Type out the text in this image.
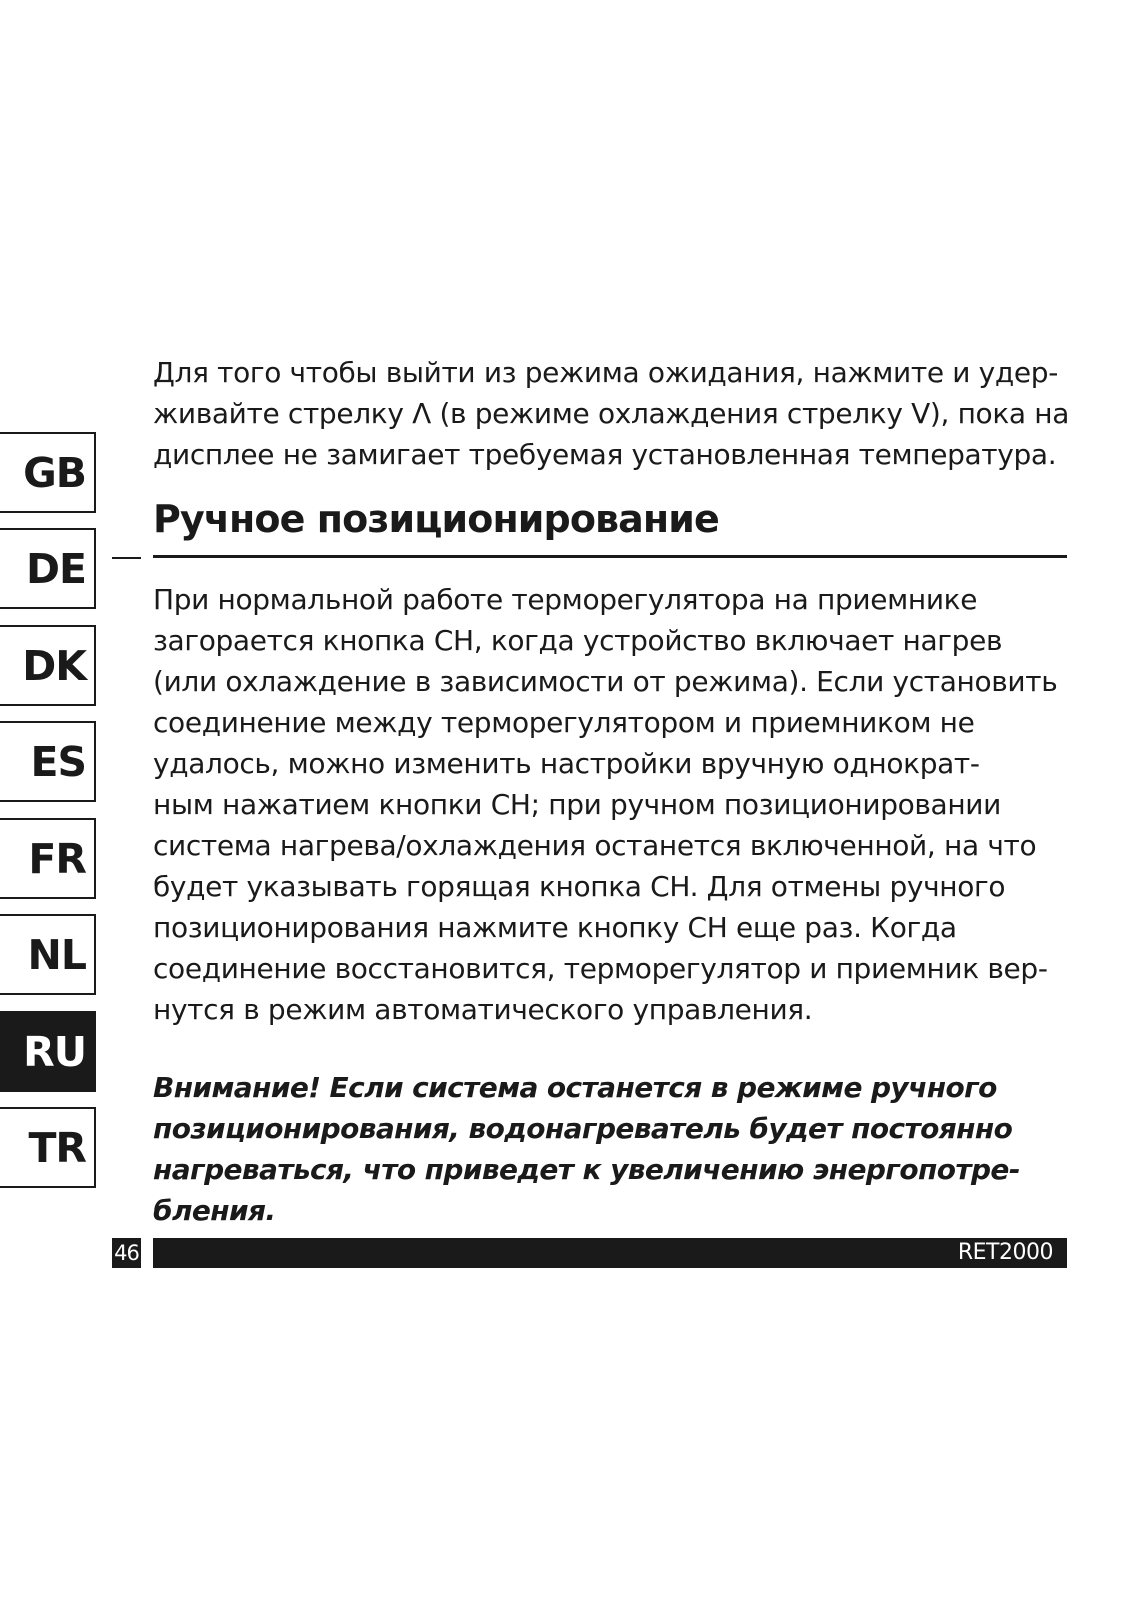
GB
DE
DK
ES
FR
NL
RU
TR

Для того чтобы выйти из режима ожидания, нажмите и удер-
живайте стрелку Λ (в режиме охлаждения стрелку V), пока на
дисплее не замигает требуемая установленная температура.

Ручное позиционирование

При нормальной работе терморегулятора на приемнике
загорается кнопка CH, когда устройство включает нагрев
(или охлаждение в зависимости от режима). Если установить
соединение между терморегулятором и приемником не
удалось, можно изменить настройки вручную однократ-
ным нажатием кнопки CH; при ручном позиционировании
система нагрева/охлаждения останется включенной, на что
будет указывать горящая кнопка CH. Для отмены ручного
позиционирования нажмите кнопку CH еще раз. Когда
соединение восстановится, терморегулятор и приемник вер-
нутся в режим автоматического управления.

Внимание! Если система останется в режиме ручного
позиционирования, водонагреватель будет постоянно
нагреваться, что приведет к увеличению энергопотре-
бления.

46	RET2000
